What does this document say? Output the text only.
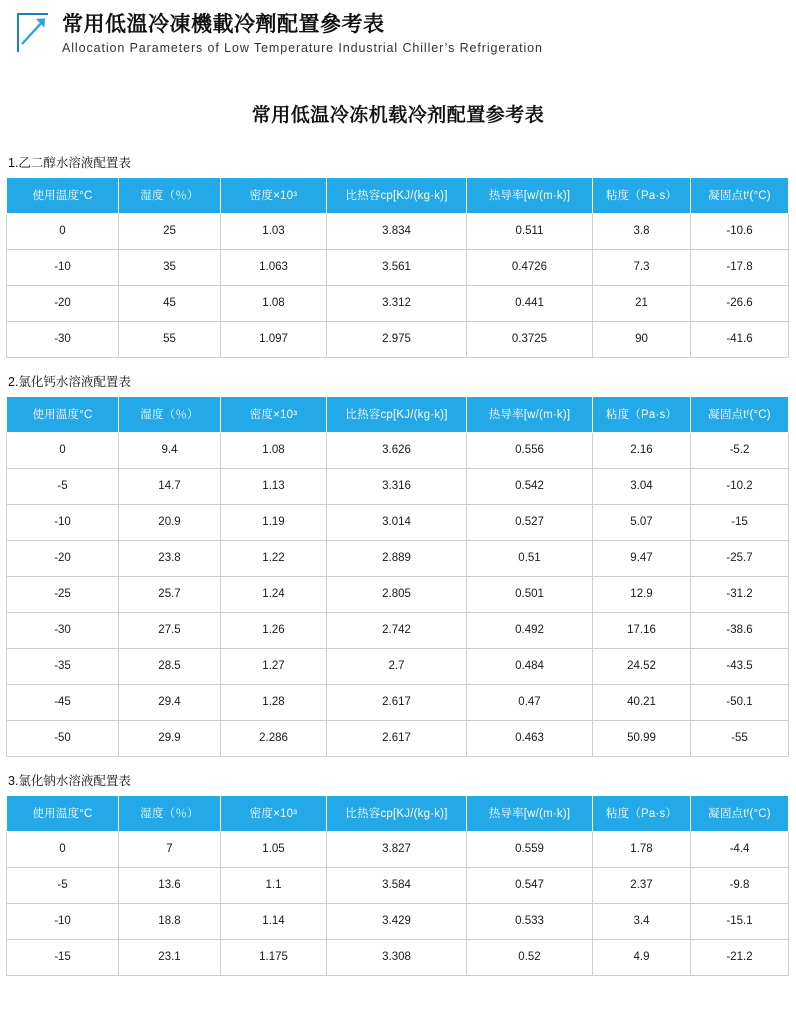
常用低溫冷凍機載冷劑配置參考表
Allocation Parameters of Low Temperature Industrial Chiller’s Refrigeration
常用低温冷冻机载冷剂配置参考表
1.乙二醇水溶液配置表
使用温度°C	湿度（％）	密度×10³	比热容cp[KJ/(kg·k)]	热导率[w/(m·k)]	粘度（Pa·s）	凝固点tᶠ(°C)
0	25	1.03	3.834	0.511	3.8	-10.6
-10	35	1.063	3.561	0.4726	7.3	-17.8
-20	45	1.08	3.312	0.441	21	-26.6
-30	55	1.097	2.975	0.3725	90	-41.6
2.氯化钙水溶液配置表
使用温度°C	湿度（％）	密度×10³	比热容cp[KJ/(kg·k)]	热导率[w/(m·k)]	粘度（Pa·s）	凝固点tᶠ(°C)
0	9.4	1.08	3.626	0.556	2.16	-5.2
-5	14.7	1.13	3.316	0.542	3.04	-10.2
-10	20.9	1.19	3.014	0.527	5.07	-15
-20	23.8	1.22	2.889	0.51	9.47	-25.7
-25	25.7	1.24	2.805	0.501	12.9	-31.2
-30	27.5	1.26	2.742	0.492	17.16	-38.6
-35	28.5	1.27	2.7	0.484	24.52	-43.5
-45	29.4	1.28	2.617	0.47	40.21	-50.1
-50	29.9	2.286	2.617	0.463	50.99	-55
3.氯化钠水溶液配置表
使用温度°C	湿度（％）	密度×10³	比热容cp[KJ/(kg·k)]	热导率[w/(m·k)]	粘度（Pa·s）	凝固点tᶠ(°C)
0	7	1.05	3.827	0.559	1.78	-4.4
-5	13.6	1.1	3.584	0.547	2.37	-9.8
-10	18.8	1.14	3.429	0.533	3.4	-15.1
-15	23.1	1.175	3.308	0.52	4.9	-21.2
